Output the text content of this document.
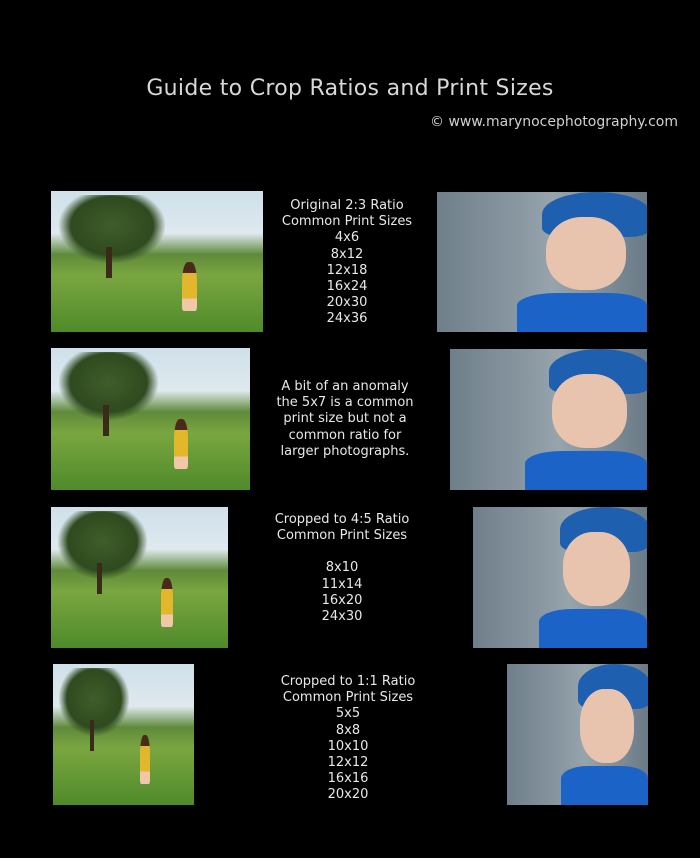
Guide to Crop Ratios and Print Sizes
© www.marynocephotography.com
Original 2:3 Ratio
Common Print Sizes
4x6
8x12
12x18
16x24
20x30
24x36
A bit of an anomaly
the 5x7 is a common
print size but not a
common ratio for
larger photographs.
Cropped to 4:5 Ratio
Common Print Sizes
8x10
11x14
16x20
24x30
Cropped to 1:1 Ratio
Common Print Sizes
5x5
8x8
10x10
12x12
16x16
20x20
